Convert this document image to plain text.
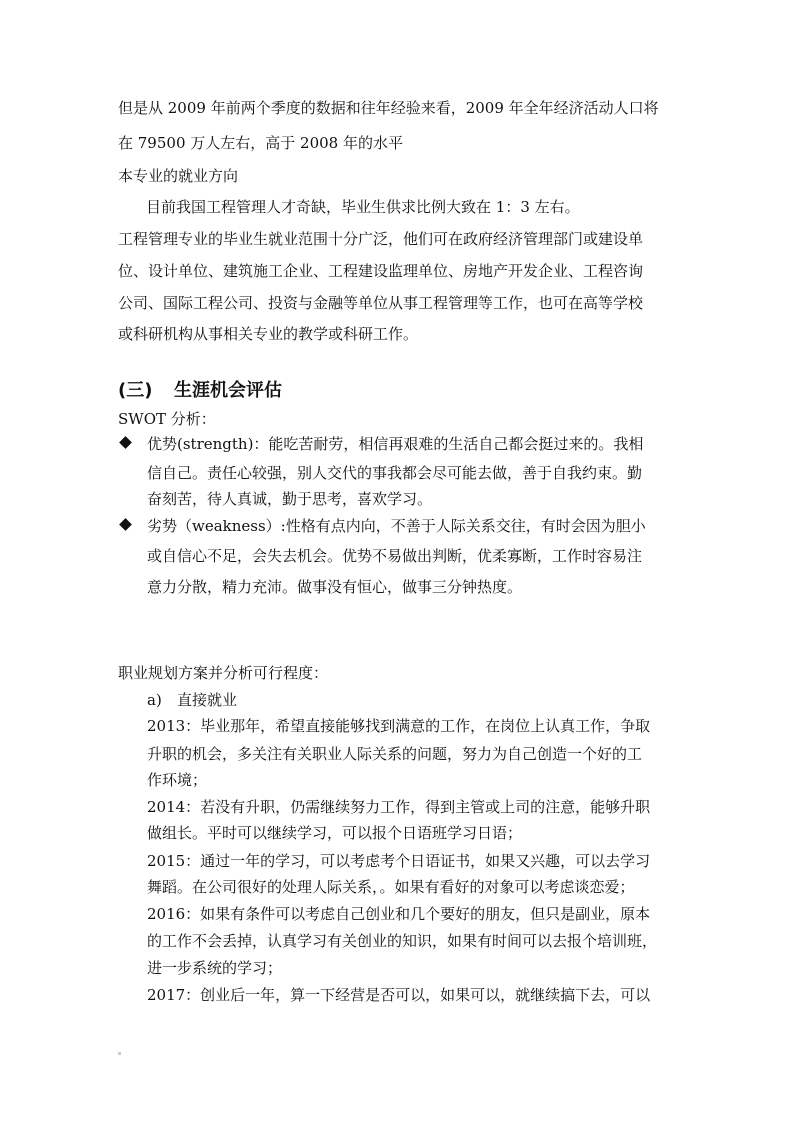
但是从 2009 年前两个季度的数据和往年经验来看，2009 年全年经济活动人口将
在 79500 万人左右，高于 2008 年的水平
本专业的就业方向
目前我国工程管理人才奇缺，毕业生供求比例大致在 1：3 左右。
工程管理专业的毕业生就业范围十分广泛，他们可在政府经济管理部门或建设单
位、设计单位、建筑施工企业、工程建设监理单位、房地产开发企业、工程咨询
公司、国际工程公司、投资与金融等单位从事工程管理等工作，也可在高等学校
或科研机构从事相关专业的教学或科研工作。
(三) 生涯机会评估
SWOT 分析：
优势(strength)：能吃苦耐劳，相信再艰难的生活自己都会挺过来的。我相
信自己。责任心较强，别人交代的事我都会尽可能去做，善于自我约束。勤
奋刻苦，待人真诚，勤于思考，喜欢学习。
劣势（weakness）:性格有点内向，不善于人际关系交往，有时会因为胆小
或自信心不足，会失去机会。优势不易做出判断，优柔寡断，工作时容易注
意力分散，精力充沛。做事没有恒心，做事三分钟热度。
职业规划方案并分析可行程度：
a) 直接就业
2013：毕业那年，希望直接能够找到满意的工作，在岗位上认真工作，争取
升职的机会，多关注有关职业人际关系的问题，努力为自己创造一个好的工
作环境；
2014：若没有升职，仍需继续努力工作，得到主管或上司的注意，能够升职
做组长。平时可以继续学习，可以报个日语班学习日语；
2015：通过一年的学习，可以考虑考个日语证书，如果又兴趣，可以去学习
舞蹈。在公司很好的处理人际关系，。如果有看好的对象可以考虑谈恋爱；
2016：如果有条件可以考虑自己创业和几个要好的朋友，但只是副业，原本
的工作不会丢掉，认真学习有关创业的知识，如果有时间可以去报个培训班，
进一步系统的学习；
2017：创业后一年，算一下经营是否可以，如果可以，就继续搞下去，可以
